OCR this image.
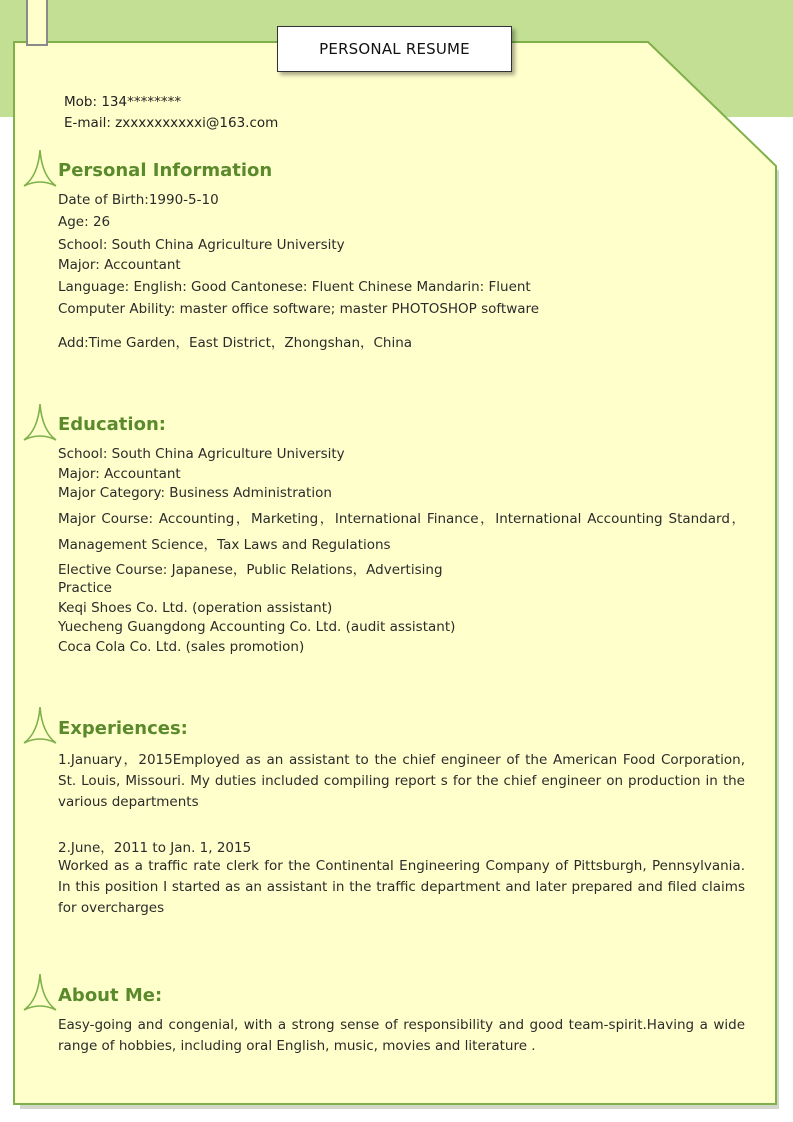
PERSONAL RESUME
Mob: 134********
E-mail: zxxxxxxxxxxi@163.com
Personal Information
Date of Birth:1990-5-10
Age: 26
School: South China Agriculture University
Major: Accountant
Language: English: Good Cantonese: Fluent Chinese Mandarin: Fluent
Computer Ability: master office software; master PHOTOSHOP software
Add:Time Garden，East District，Zhongshan，China
Education:
School: South China Agriculture University
Major: Accountant
Major Category: Business Administration
Major Course: Accounting，Marketing，International Finance，International Accounting Standard，
Management Science，Tax Laws and Regulations
Elective Course: Japanese，Public Relations，Advertising
Practice
Keqi Shoes Co. Ltd. (operation assistant)
Yuecheng Guangdong Accounting Co. Ltd. (audit assistant)
Coca Cola Co. Ltd. (sales promotion)
Experiences:
1.January，2015Employed as an assistant to the chief engineer of the American Food Corporation, St. Louis, Missouri. My duties included compiling report s for the chief engineer on production in the various departments
2.June，2011 to Jan. 1, 2015
Worked as a traffic rate clerk for the Continental Engineering Company of Pittsburgh, Pennsylvania. In this position I started as an assistant in the traffic department and later prepared and filed claims for overcharges
About Me:
Easy-going and congenial, with a strong sense of responsibility and good team-spirit.Having a wide range of hobbies, including oral English, music, movies and literature .
